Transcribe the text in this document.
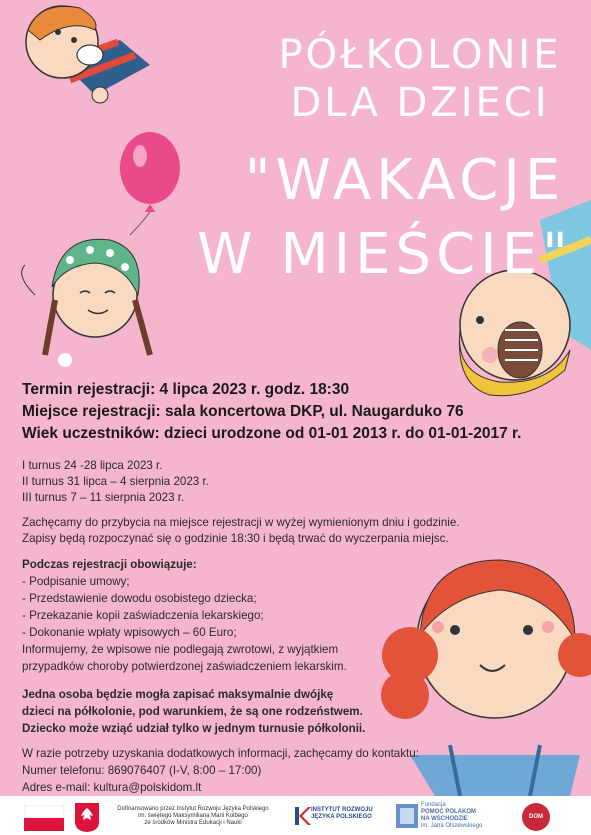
PÓŁKOLONIE
DLA DZIECI
"WAKACJE
W MIEŚCIE"
Termin rejestracji: 4 lipca 2023 r. godz. 18:30
Miejsce rejestracji: sala koncertowa DKP, ul. Naugarduko 76
Wiek uczestników: dzieci urodzone od 01-01 2013 r. do 01-01-2017 r.
I turnus 24 -28 lipca 2023 r.
II turnus 31 lipca – 4 sierpnia 2023 r.
III turnus 7 – 11 sierpnia 2023 r.
Zachęcamy do przybycia na miejsce rejestracji w wyżej wymienionym dniu i godzinie.
Zapisy będą rozpoczynać się o godzinie 18:30 i będą trwać do wyczerpania miejsc.
Podczas rejestracji obowiązuje:
- Podpisanie umowy;
- Przedstawienie dowodu osobistego dziecka;
- Przekazanie kopii zaświadczenia lekarskiego;
- Dokonanie wpłaty wpisowych – 60 Euro;
Informujemy, że wpisowe nie podlegają zwrotowi, z wyjątkiem
przypadków choroby potwierdzonej zaświadczeniem lekarskim.
Jedna osoba będzie mogła zapisać maksymalnie dwójkę
dzieci na półkolonie, pod warunkiem, że są one rodzeństwem.
Dziecko może wziąć udział tylko w jednym turnusie półkolonii.
W razie potrzeby uzyskania dodatkowych informacji, zachęcamy do kontaktu:
Numer telefonu: 869076407 (I-V, 8:00 – 17:00)
Adres e-mail: kultura@polskidom.lt
Dofinansowano przez Instytut Rozwoju Języka Polskiego
im. świętego Maksymiliana Marii Kolbego
ze środków Ministra Edukacji i Nauki
INSTYTUT ROZWOJU
JĘZYKA POLSKIEGO
Fundacja
POMOC POLAKOM
NA WSCHODZIE
im. Jana Olszewskiego
DOM
